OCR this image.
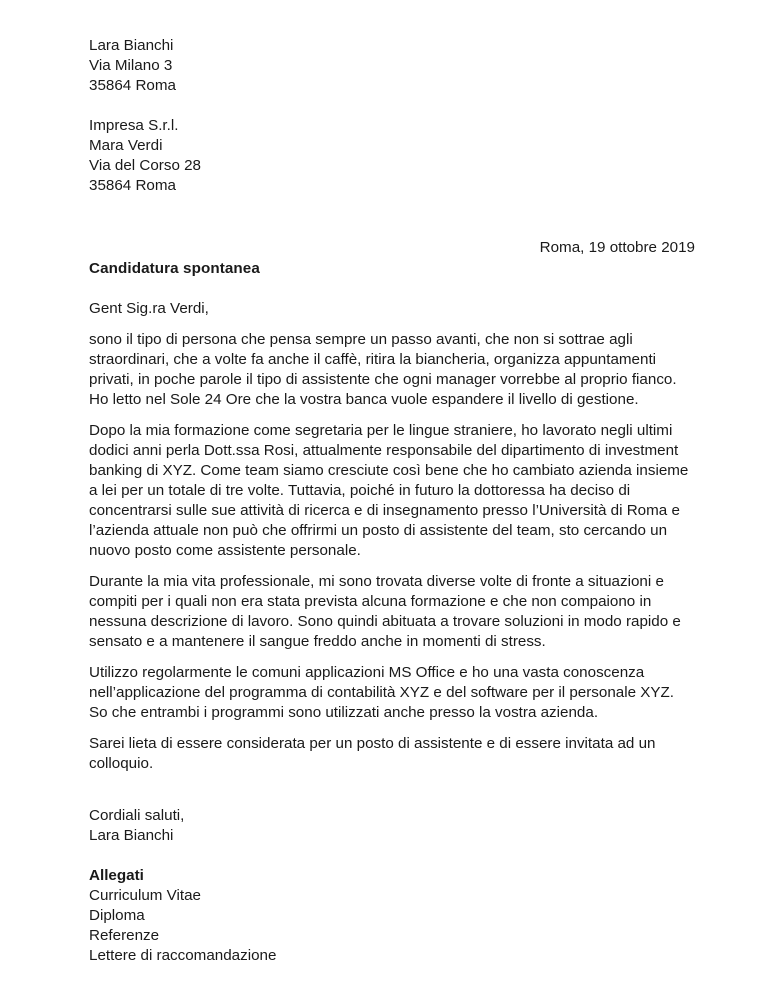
Lara Bianchi
Via Milano 3
35864 Roma
Impresa S.r.l.
Mara Verdi
Via del Corso 28
35864 Roma
Roma, 19 ottobre 2019
Candidatura spontanea
Gent Sig.ra Verdi,

sono il tipo di persona che pensa sempre un passo avanti, che non si sottrae agli straordinari, che a volte fa anche il caffè, ritira la biancheria, organizza appuntamenti privati, in poche parole il tipo di assistente che ogni manager vorrebbe al proprio fianco. Ho letto nel Sole 24 Ore che la vostra banca vuole espandere il livello di gestione.

Dopo la mia formazione come segretaria per le lingue straniere, ho lavorato negli ultimi dodici anni perla Dott.ssa Rosi, attualmente responsabile del dipartimento di investment banking di XYZ. Come team siamo cresciute così bene che ho cambiato azienda insieme a lei per un totale di tre volte. Tuttavia, poiché in futuro la dottoressa ha deciso di concentrarsi sulle sue attività di ricerca e di insegnamento presso l’Università di Roma e l’azienda attuale non può che offrirmi un posto di assistente del team, sto cercando un nuovo posto come assistente personale.

Durante la mia vita professionale, mi sono trovata diverse volte di fronte a situazioni e compiti per i quali non era stata prevista alcuna formazione e che non compaiono in nessuna descrizione di lavoro. Sono quindi abituata a trovare soluzioni in modo rapido e sensato e a mantenere il sangue freddo anche in momenti di stress.

Utilizzo regolarmente le comuni applicazioni MS Office e ho una vasta conoscenza nell’applicazione del programma di contabilità XYZ e del software per il personale XYZ. So che entrambi i programmi sono utilizzati anche presso la vostra azienda.

Sarei lieta di essere considerata per un posto di assistente e di essere invitata ad un colloquio.

Cordiali saluti,
Lara Bianchi
Allegati
Curriculum Vitae
Diploma
Referenze
Lettere di raccomandazione
